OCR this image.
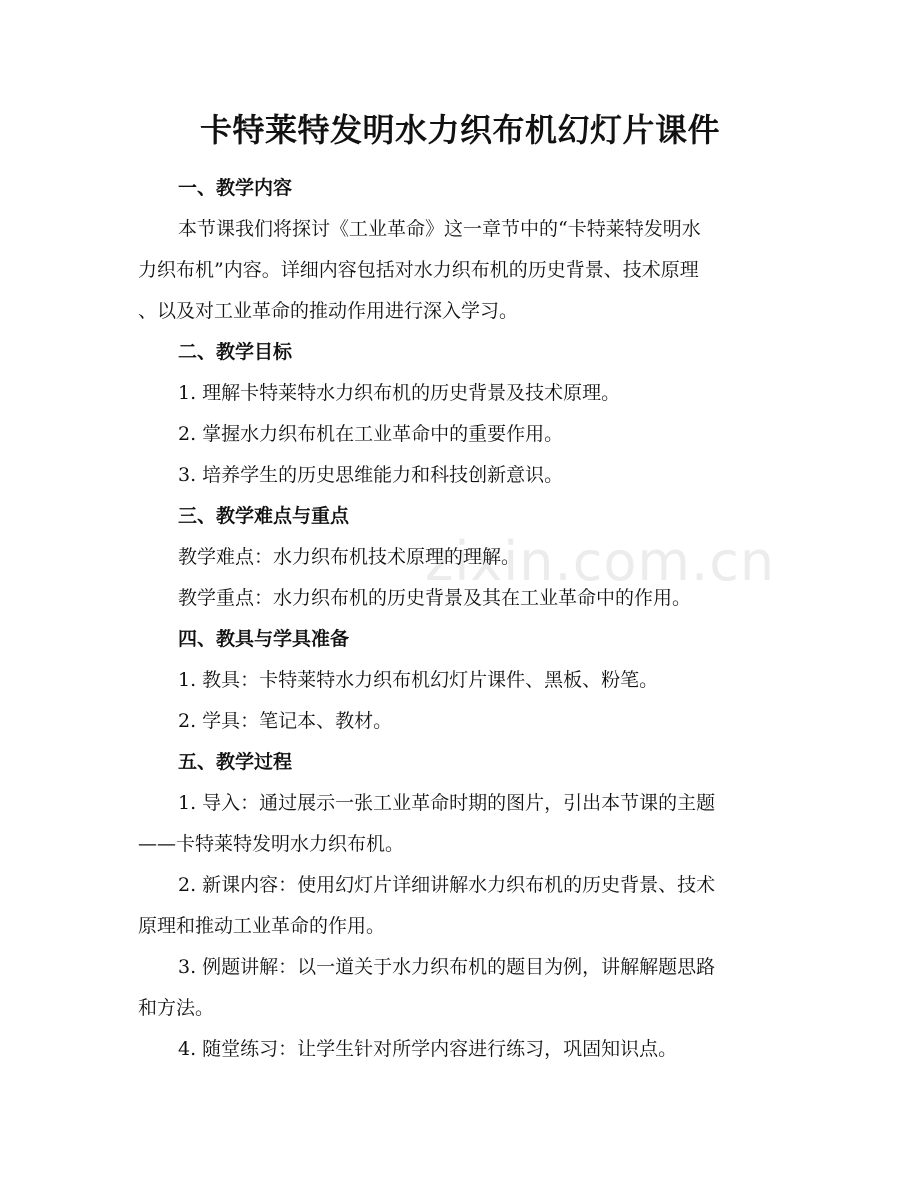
zixin.com.cn
卡特莱特发明水力织布机幻灯片课件
一、教学内容
本节课我们将探讨《工业革命》这一章节中的“卡特莱特发明水
力织布机”内容。详细内容包括对水力织布机的历史背景、技术原理
、以及对工业革命的推动作用进行深入学习。
二、教学目标
1. 理解卡特莱特水力织布机的历史背景及技术原理。
2. 掌握水力织布机在工业革命中的重要作用。
3. 培养学生的历史思维能力和科技创新意识。
三、教学难点与重点
教学难点：水力织布机技术原理的理解。
教学重点：水力织布机的历史背景及其在工业革命中的作用。
四、教具与学具准备
1. 教具：卡特莱特水力织布机幻灯片课件、黑板、粉笔。
2. 学具：笔记本、教材。
五、教学过程
1. 导入：通过展示一张工业革命时期的图片，引出本节课的主题
——卡特莱特发明水力织布机。
2. 新课内容：使用幻灯片详细讲解水力织布机的历史背景、技术
原理和推动工业革命的作用。
3. 例题讲解：以一道关于水力织布机的题目为例，讲解解题思路
和方法。
4. 随堂练习：让学生针对所学内容进行练习，巩固知识点。
